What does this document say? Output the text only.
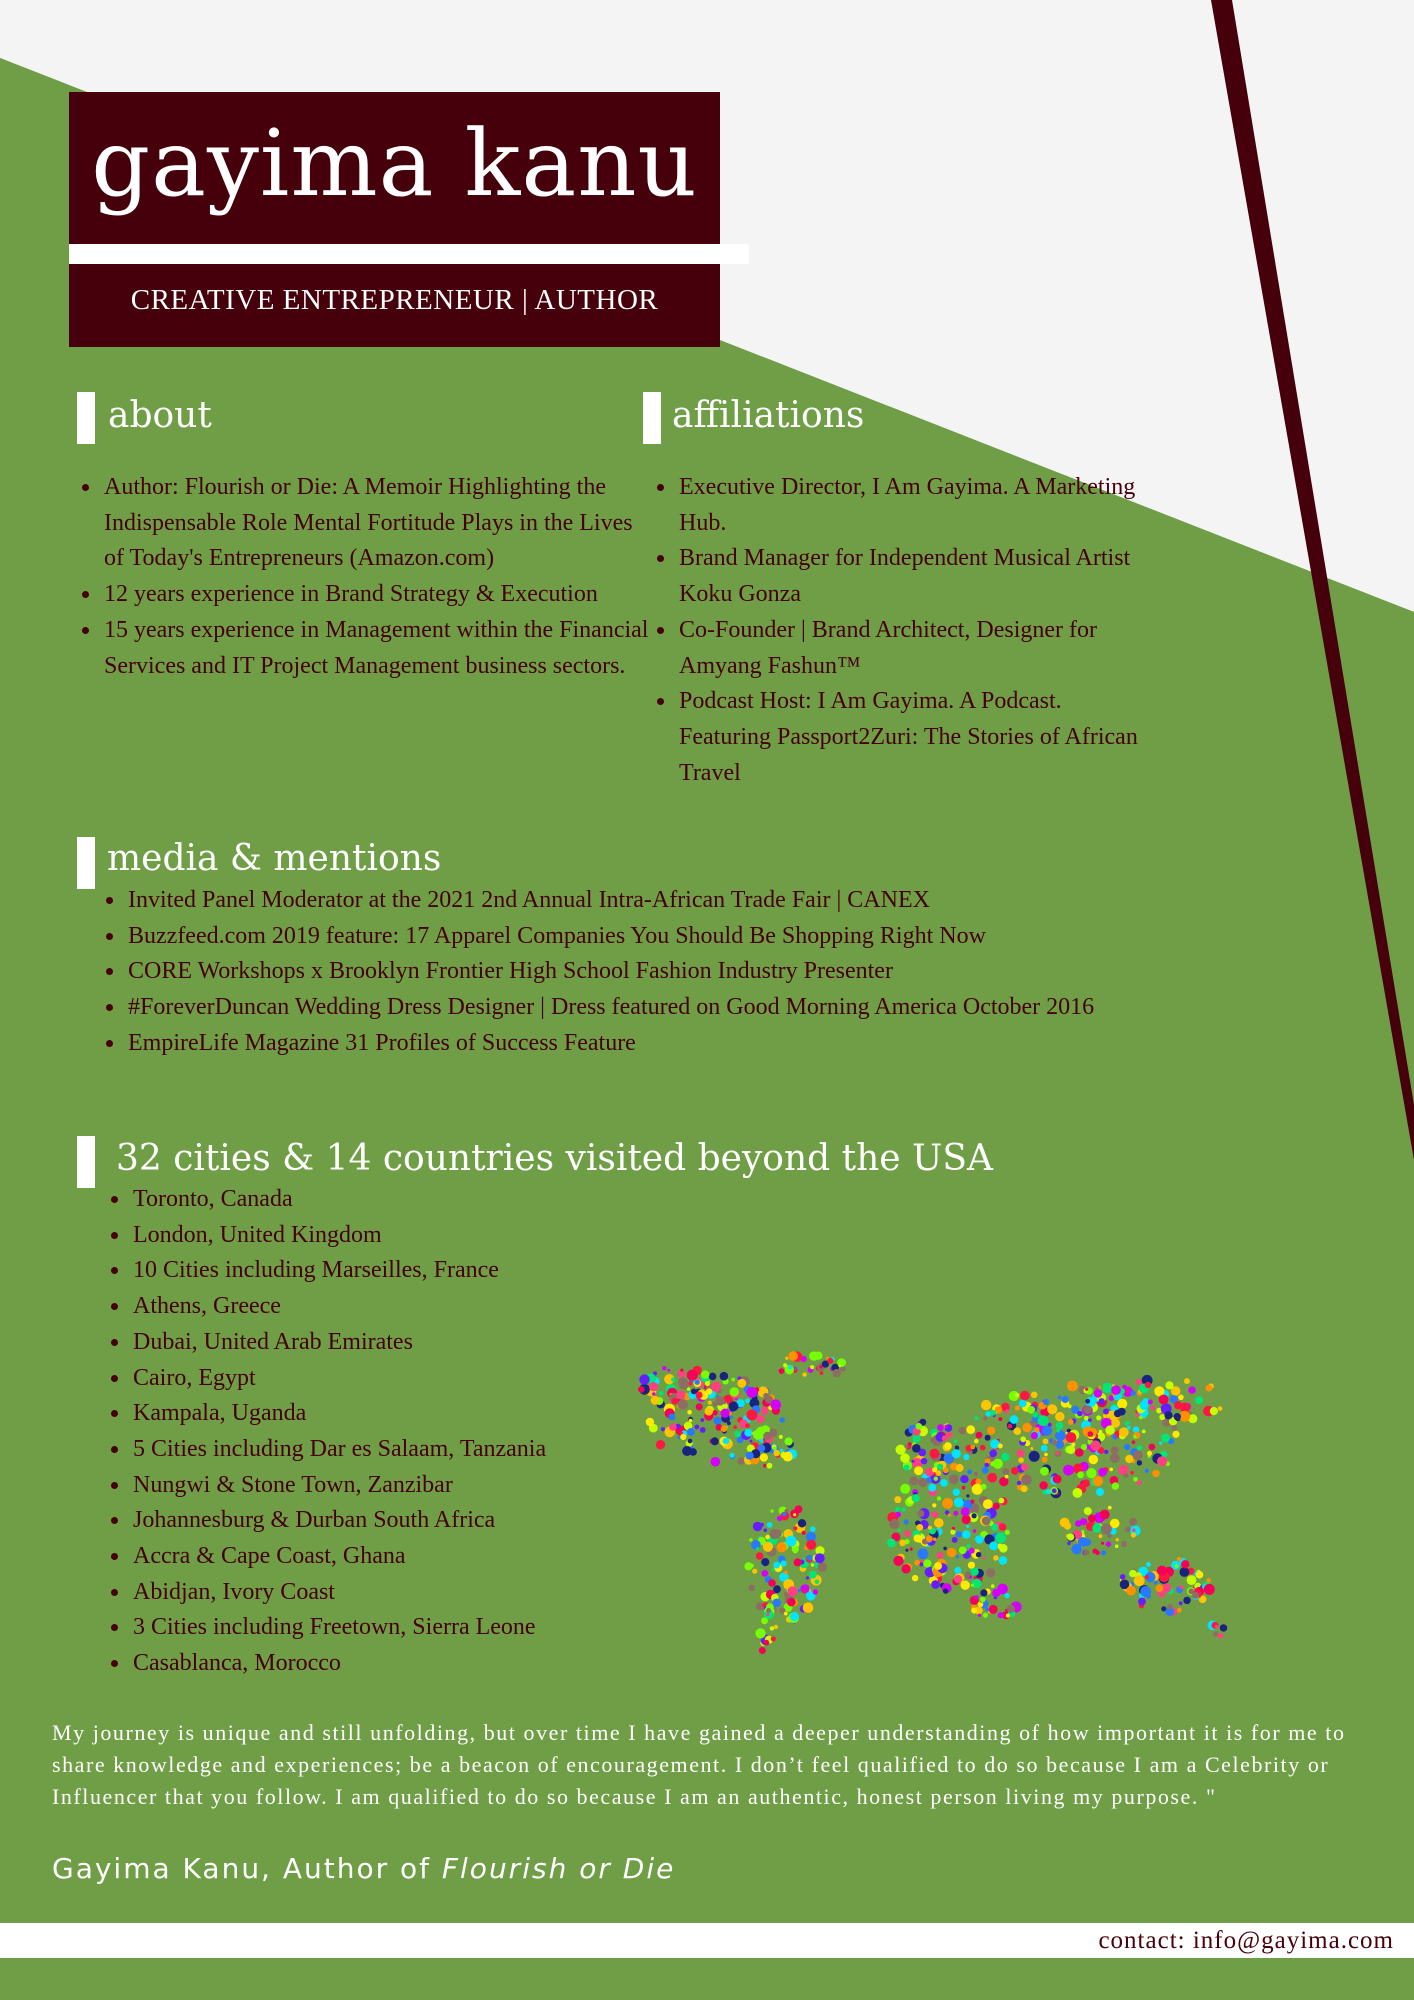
gayima kanu
CREATIVE ENTREPRENEUR | AUTHOR
about
• Author: Flourish or Die: A Memoir Highlighting the Indispensable Role Mental Fortitude Plays in the Lives of Today's Entrepreneurs (Amazon.com)
• 12 years experience in Brand Strategy & Execution
• 15 years experience in Management within the Financial Services and IT Project Management business sectors.
affiliations
• Executive Director, I Am Gayima. A Marketing Hub.
• Brand Manager for Independent Musical Artist Koku Gonza
• Co-Founder | Brand Architect, Designer for Amyang Fashun™
• Podcast Host: I Am Gayima. A Podcast. Featuring Passport2Zuri: The Stories of African Travel
media & mentions
• Invited Panel Moderator at the 2021 2nd Annual Intra-African Trade Fair | CANEX
• Buzzfeed.com 2019 feature: 17 Apparel Companies You Should Be Shopping Right Now
• CORE Workshops x Brooklyn Frontier High School Fashion Industry Presenter
• #ForeverDuncan Wedding Dress Designer | Dress featured on Good Morning America October 2016
• EmpireLife Magazine 31 Profiles of Success Feature
32 cities & 14 countries visited beyond the USA
• Toronto, Canada
• London, United Kingdom
• 10 Cities including Marseilles, France
• Athens, Greece
• Dubai, United Arab Emirates
• Cairo, Egypt
• Kampala, Uganda
• 5 Cities including Dar es Salaam, Tanzania
• Nungwi & Stone Town, Zanzibar
• Johannesburg & Durban South Africa
• Accra & Cape Coast, Ghana
• Abidjan, Ivory Coast
• 3 Cities including Freetown, Sierra Leone
• Casablanca, Morocco
My journey is unique and still unfolding, but over time I have gained a deeper understanding of how important it is for me to share knowledge and experiences; be a beacon of encouragement. I don’t feel qualified to do so because I am a Celebrity or Influencer that you follow. I am qualified to do so because I am an authentic, honest person living my purpose. "
Gayima Kanu, Author of Flourish or Die
contact: info@gayima.com
